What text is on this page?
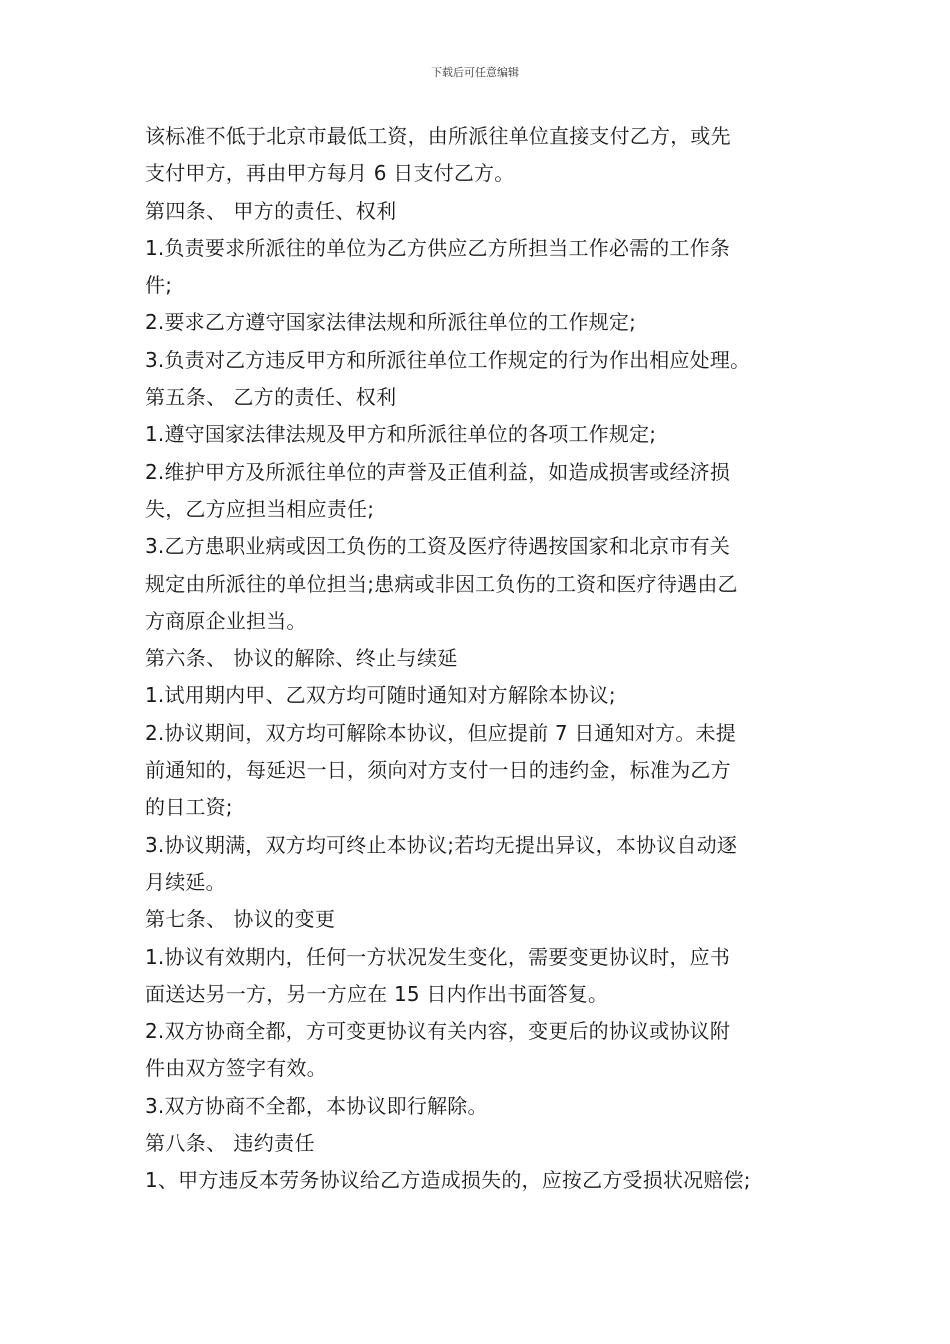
下载后可任意编辑
该标准不低于北京市最低工资，由所派往单位直接支付乙方，或先
支付甲方，再由甲方每月 6 日支付乙方。
第四条、 甲方的责任、权利
1.负责要求所派往的单位为乙方供应乙方所担当工作必需的工作条
件;
2.要求乙方遵守国家法律法规和所派往单位的工作规定;
3.负责对乙方违反甲方和所派往单位工作规定的行为作出相应处理。
第五条、 乙方的责任、权利
1.遵守国家法律法规及甲方和所派往单位的各项工作规定;
2.维护甲方及所派往单位的声誉及正值利益，如造成损害或经济损
失，乙方应担当相应责任;
3.乙方患职业病或因工负伤的工资及医疗待遇按国家和北京市有关
规定由所派往的单位担当;患病或非因工负伤的工资和医疗待遇由乙
方商原企业担当。
第六条、 协议的解除、终止与续延
1.试用期内甲、乙双方均可随时通知对方解除本协议;
2.协议期间，双方均可解除本协议，但应提前 7 日通知对方。未提
前通知的，每延迟一日，须向对方支付一日的违约金，标准为乙方
的日工资;
3.协议期满，双方均可终止本协议;若均无提出异议，本协议自动逐
月续延。
第七条、 协议的变更
1.协议有效期内，任何一方状况发生变化，需要变更协议时，应书
面送达另一方，另一方应在 15 日内作出书面答复。
2.双方协商全都，方可变更协议有关内容，变更后的协议或协议附
件由双方签字有效。
3.双方协商不全都，本协议即行解除。
第八条、 违约责任
1、甲方违反本劳务协议给乙方造成损失的，应按乙方受损状况赔偿;
